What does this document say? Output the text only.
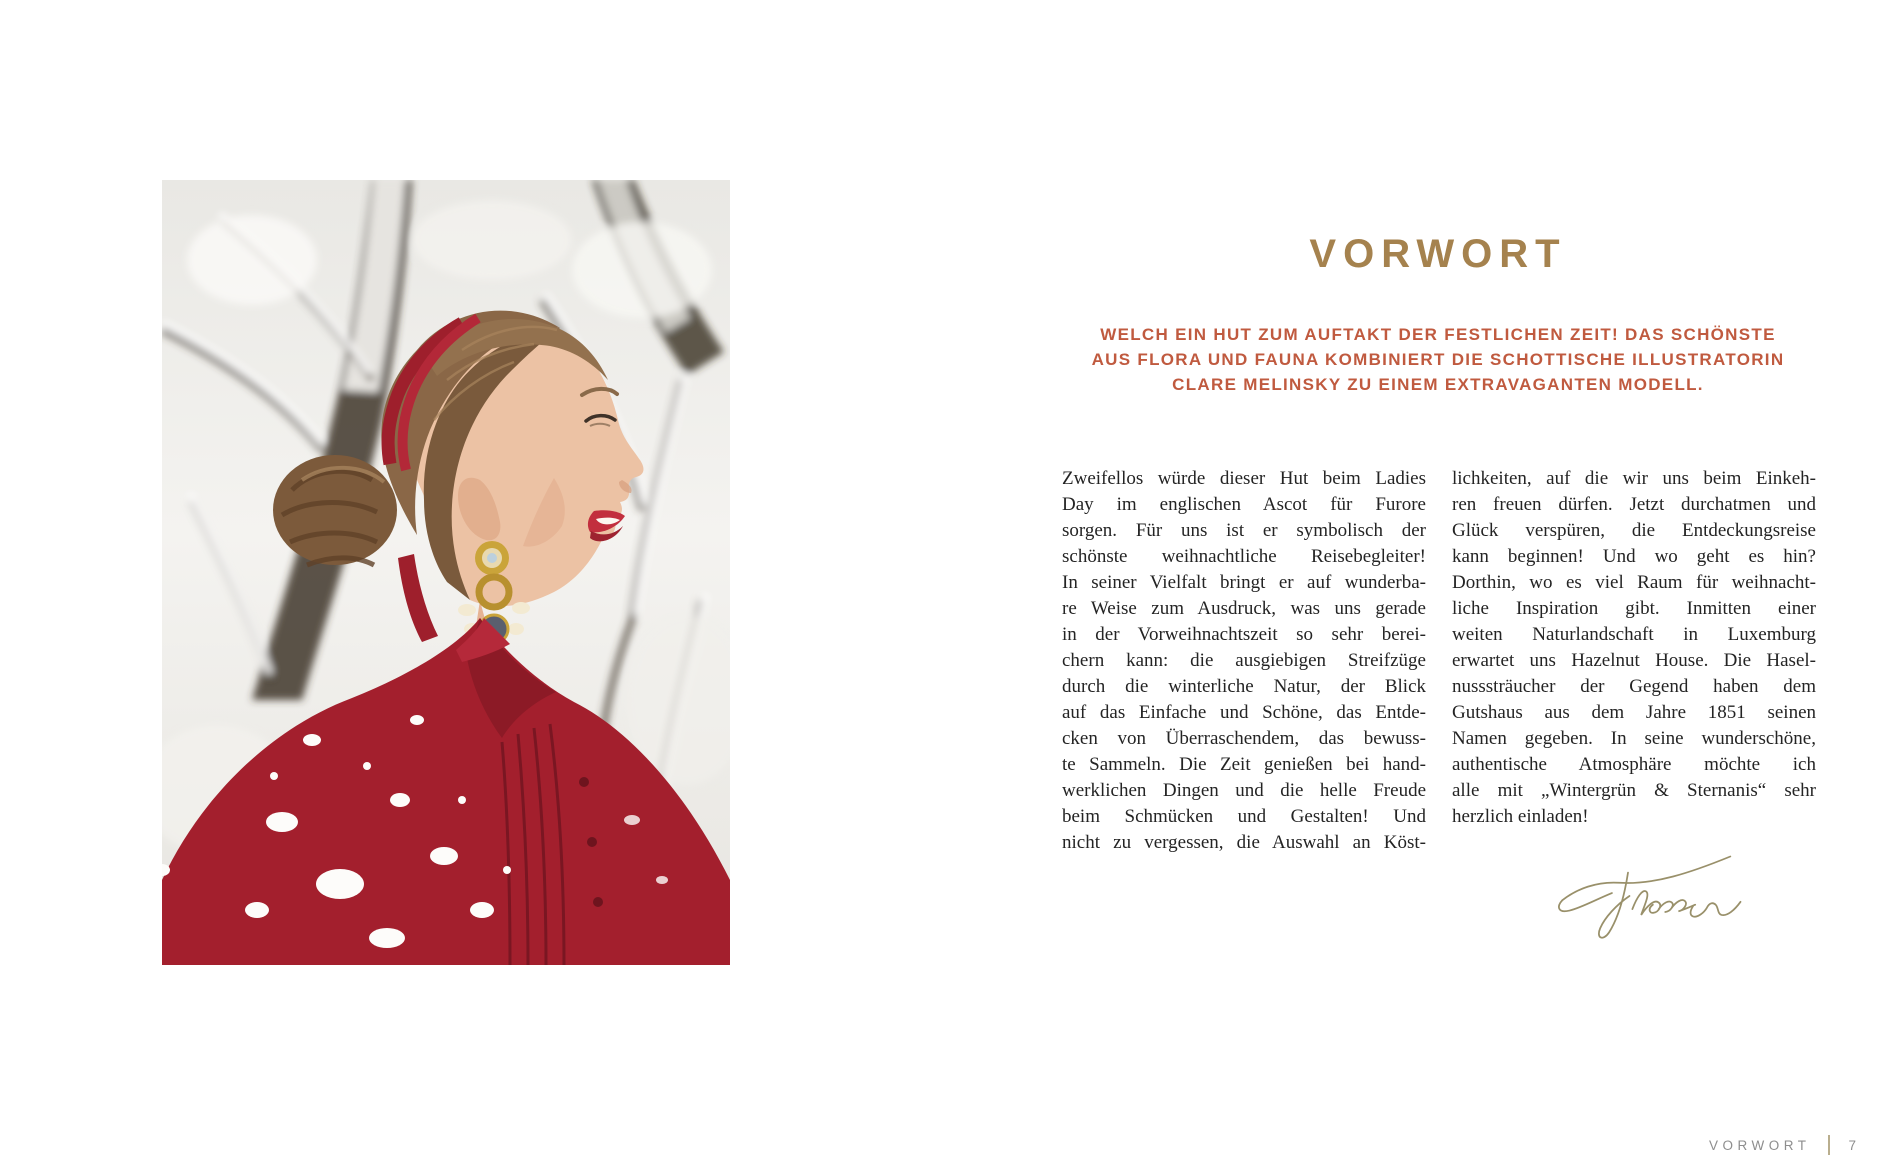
VORWORT
WELCH EIN HUT ZUM AUFTAKT DER FESTLICHEN ZEIT! DAS SCHÖNSTE
AUS FLORA UND FAUNA KOMBINIERT DIE SCHOTTISCHE ILLUSTRATORIN
CLARE MELINSKY ZU EINEM EXTRAVAGANTEN MODELL.
Zweifellos würde dieser Hut beim Ladies
Day im englischen Ascot für Furore
sorgen. Für uns ist er symbolisch der
schönste weihnachtliche Reisebegleiter!
In seiner Vielfalt bringt er auf wunderba-
re Weise zum Ausdruck, was uns gerade
in der Vorweihnachtszeit so sehr berei-
chern kann: die ausgiebigen Streifzüge
durch die winterliche Natur, der Blick
auf das Einfache und Schöne, das Entde-
cken von Überraschendem, das bewuss-
te Sammeln. Die Zeit genießen bei hand-
werklichen Dingen und die helle Freude
beim Schmücken und Gestalten! Und
nicht zu vergessen, die Auswahl an Köst-
lichkeiten, auf die wir uns beim Einkeh-
ren freuen dürfen. Jetzt durchatmen und
Glück verspüren, die Entdeckungsreise
kann beginnen! Und wo geht es hin?
Dorthin, wo es viel Raum für weihnacht-
liche Inspiration gibt. Inmitten einer
weiten Naturlandschaft in Luxemburg
erwartet uns Hazelnut House. Die Hasel-
nusssträucher der Gegend haben dem
Gutshaus aus dem Jahre 1851 seinen
Namen gegeben. In seine wunderschöne,
authentische Atmosphäre möchte ich
alle mit „Wintergrün & Sternanis“ sehr
herzlich einladen!
VORWORT	7
